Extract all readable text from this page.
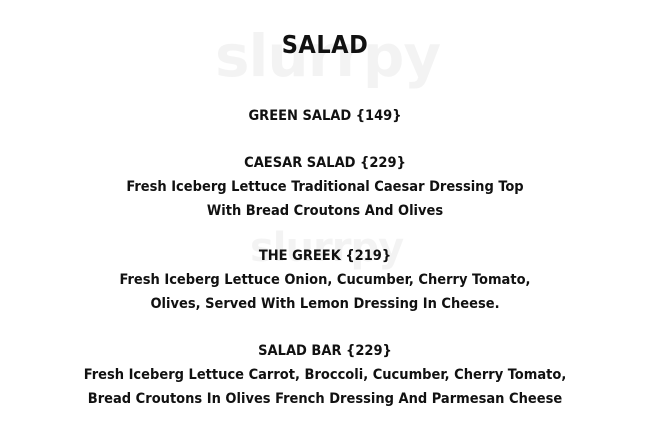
SALAD
GREEN SALAD {149}
CAESAR SALAD {229}
Fresh Iceberg Lettuce Traditional Caesar Dressing Top
With Bread Croutons And Olives
THE GREEK {219}
Fresh Iceberg Lettuce Onion, Cucumber, Cherry Tomato,
Olives, Served With Lemon Dressing In Cheese.
SALAD BAR {229}
Fresh Iceberg Lettuce Carrot, Broccoli, Cucumber, Cherry Tomato,
Bread Croutons In Olives French Dressing And Parmesan Cheese
